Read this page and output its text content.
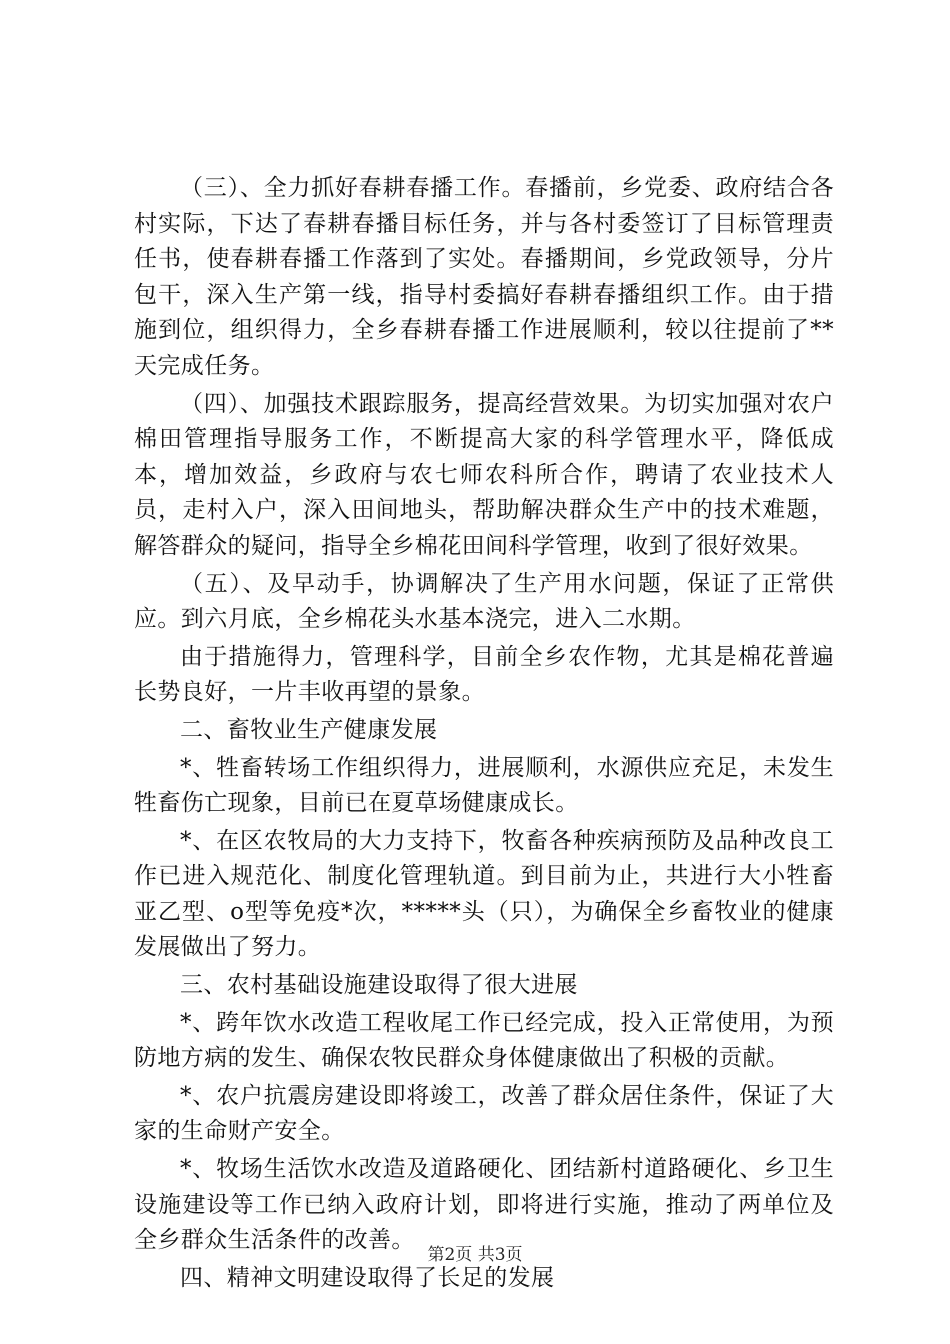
（三）、全力抓好春耕春播工作。春播前，乡党委、政府结合各村实际，下达了春耕春播目标任务，并与各村委签订了目标管理责任书，使春耕春播工作落到了实处。春播期间，乡党政领导，分片包干，深入生产第一线，指导村委搞好春耕春播组织工作。由于措施到位，组织得力，全乡春耕春播工作进展顺利，较以往提前了**天完成任务。

（四）、加强技术跟踪服务，提高经营效果。为切实加强对农户棉田管理指导服务工作，不断提高大家的科学管理水平，降低成本，增加效益，乡政府与农七师农科所合作，聘请了农业技术人员，走村入户，深入田间地头，帮助解决群众生产中的技术难题，解答群众的疑问，指导全乡棉花田间科学管理，收到了很好效果。

（五）、及早动手，协调解决了生产用水问题，保证了正常供应。到六月底，全乡棉花头水基本浇完，进入二水期。

由于措施得力，管理科学，目前全乡农作物，尤其是棉花普遍长势良好，一片丰收再望的景象。

二、畜牧业生产健康发展

*、牲畜转场工作组织得力，进展顺利，水源供应充足，未发生牲畜伤亡现象，目前已在夏草场健康成长。

*、在区农牧局的大力支持下，牧畜各种疾病预防及品种改良工作已进入规范化、制度化管理轨道。到目前为止，共进行大小牲畜亚乙型、o型等免疫*次，*****头（只），为确保全乡畜牧业的健康发展做出了努力。

三、农村基础设施建设取得了很大进展

*、跨年饮水改造工程收尾工作已经完成，投入正常使用，为预防地方病的发生、确保农牧民群众身体健康做出了积极的贡献。

*、农户抗震房建设即将竣工，改善了群众居住条件，保证了大家的生命财产安全。

*、牧场生活饮水改造及道路硬化、团结新村道路硬化、乡卫生设施建设等工作已纳入政府计划，即将进行实施，推动了两单位及全乡群众生活条件的改善。

四、精神文明建设取得了长足的发展

第2页 共3页
